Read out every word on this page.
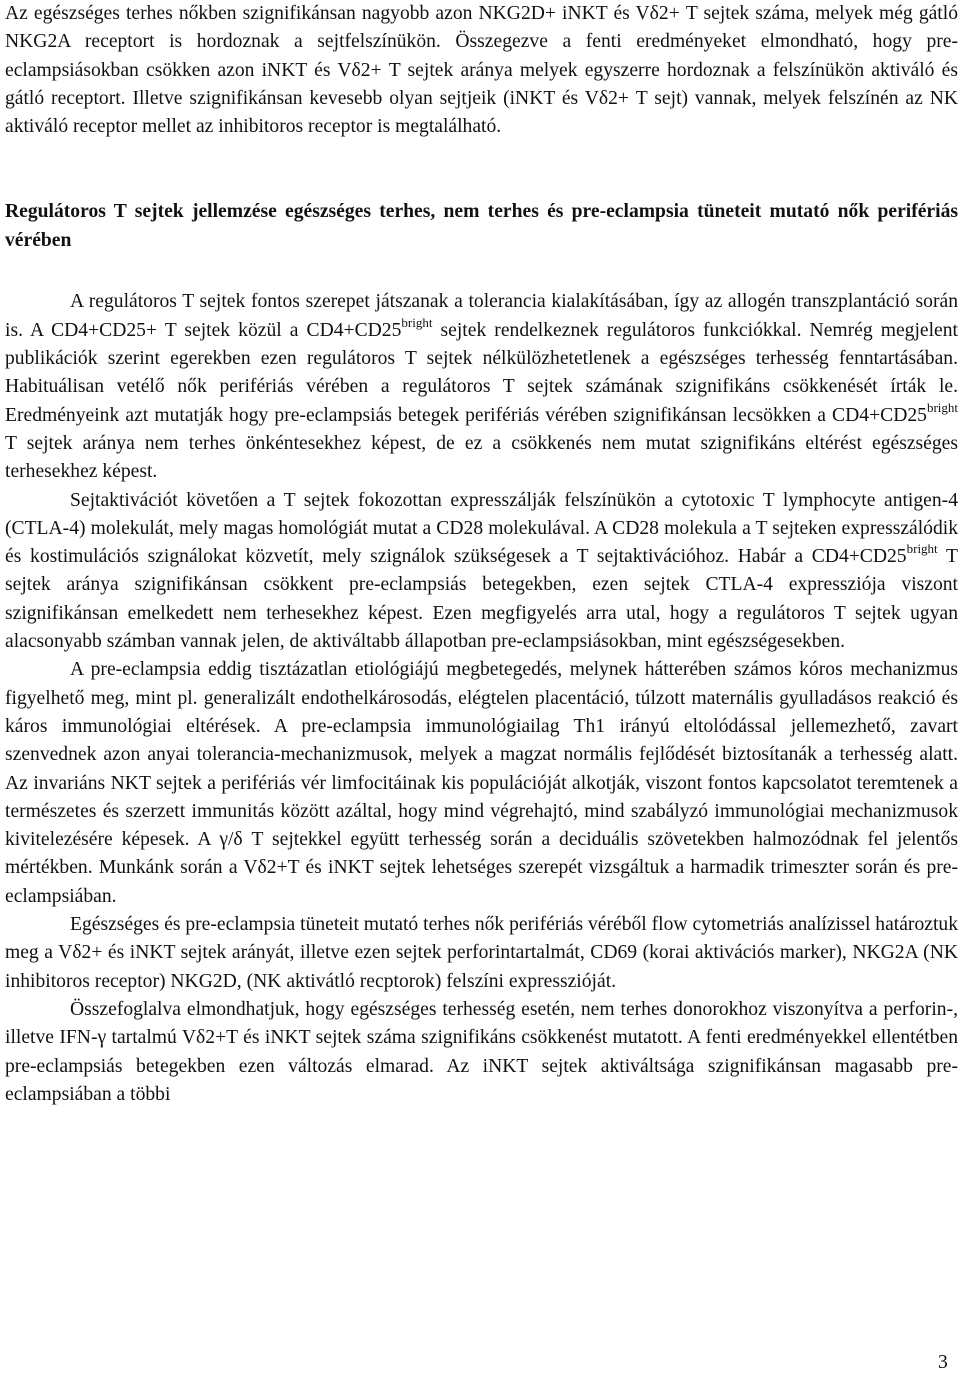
Az egészséges terhes nőkben szignifikánsan nagyobb azon NKG2D+ iNKT és Vδ2+ T sejtek száma, melyek még gátló NKG2A receptort is hordoznak a sejtfelszínükön. Összegezve a fenti eredményeket elmondható, hogy pre-eclampsiásokban csökken azon iNKT és Vδ2+ T sejtek aránya melyek egyszerre hordoznak a felszínükön aktiváló és gátló receptort. Illetve szignifikánsan kevesebb olyan sejtjeik (iNKT és Vδ2+ T sejt) vannak, melyek felszínén az NK aktiváló receptor mellet az inhibitoros receptor is megtalálható.

Regulátoros T sejtek jellemzése egészséges terhes, nem terhes és pre-eclampsia tüneteit mutató nők perifériás vérében

A regulátoros T sejtek fontos szerepet játszanak a tolerancia kialakításában, így az allogén transzplantáció során is. A CD4+CD25+ T sejtek közül a $CD4+CD25^{bright}$ sejtek rendelkeznek regulátoros funkciókkal. Nemrég megjelent publikációk szerint egerekben ezen regulátoros T sejtek nélkülözhetetlenek a egészséges terhesség fenntartásában. Habituálisan vetélő nők perifériás vérében a regulátoros T sejtek számának szignifikáns csökkenését írták le. Eredményeink azt mutatják hogy pre-eclampsiás betegek perifériás vérében szignifikánsan lecsökken a $CD4+CD25^{bright}$ T sejtek aránya nem terhes önkéntesekhez képest, de ez a csökkenés nem mutat szignifikáns eltérést egészséges terhesekhez képest.

Sejtaktivációt követően a T sejtek fokozottan expresszálják felszínükön a cytotoxic T lymphocyte antigen-4 (CTLA-4) molekulát, mely magas homológiát mutat a CD28 molekulával. A CD28 molekula a T sejteken expresszálódik és kostimulációs szignálokat közvetít, mely szignálok szükségesek a T sejtaktivációhoz. Habár a $CD4+CD25^{bright}$ T sejtek aránya szignifikánsan csökkent pre-eclampsiás betegekben, ezen sejtek CTLA-4 expressziója viszont szignifikánsan emelkedett nem terhesekhez képest. Ezen megfigyelés arra utal, hogy a regulátoros T sejtek ugyan alacsonyabb számban vannak jelen, de aktiváltabb állapotban pre-eclampsiásokban, mint egészségesekben.

A pre-eclampsia eddig tisztázatlan etiológiájú megbetegedés, melynek hátterében számos kóros mechanizmus figyelhető meg, mint pl. generalizált endothelkárosodás, elégtelen placentáció, túlzott maternális gyulladásos reakció és káros immunológiai eltérések. A pre-eclampsia immunológiailag Th1 irányú eltolódással jellemezhető, zavart szenvednek azon anyai tolerancia-mechanizmusok, melyek a magzat normális fejlődését biztosítanák a terhesség alatt. Az invariáns NKT sejtek a perifériás vér limfocitáinak kis populációját alkotják, viszont fontos kapcsolatot teremtenek a természetes és szerzett immunitás között azáltal, hogy mind végrehajtó, mind szabályzó immunológiai mechanizmusok kivitelezésére képesek. A γ/δ T sejtekkel együtt terhesség során a deciduális szövetekben halmozódnak fel jelentős mértékben. Munkánk során a Vδ2+T és iNKT sejtek lehetséges szerepét vizsgáltuk a harmadik trimeszter során és pre-eclampsiában.

Egészséges és pre-eclampsia tüneteit mutató terhes nők perifériás véréből flow cytometriás analízissel határoztuk meg a Vδ2+ és iNKT sejtek arányát, illetve ezen sejtek perforintartalmát, CD69 (korai aktivációs marker), NKG2A (NK inhibitoros receptor) NKG2D, (NK aktivátló recptorok) felszíni expresszióját.

Összefoglalva elmondhatjuk, hogy egészséges terhesség esetén, nem terhes donorokhoz viszonyítva a perforin-, illetve IFN-γ tartalmú Vδ2+T és iNKT sejtek száma szignifikáns csökkenést mutatott. A fenti eredményekkel ellentétben pre-eclampsiás betegekben ezen változás elmarad. Az iNKT sejtek aktiváltsága szignifikánsan magasabb pre-eclampsiában a többi

3
